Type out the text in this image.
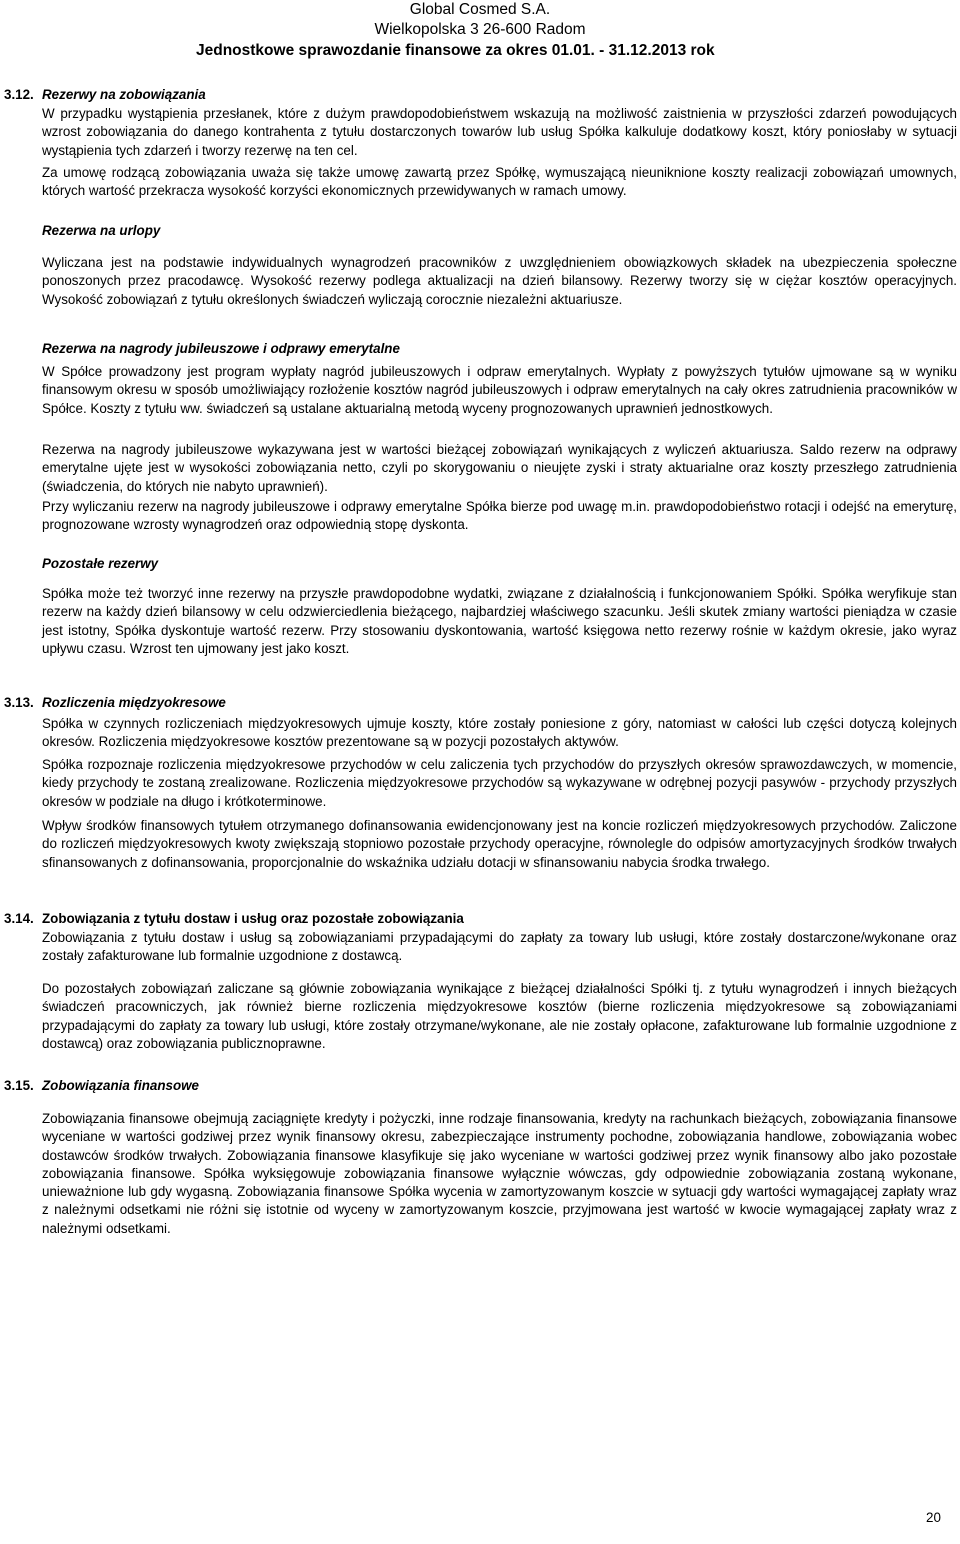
Global Cosmed S.A.
Wielkopolska 3 26-600 Radom
Jednostkowe sprawozdanie finansowe za okres 01.01. - 31.12.2013 rok
3.12. Rezerwy na zobowiązania

W przypadku wystąpienia przesłanek, które z dużym prawdopodobieństwem wskazują na możliwość zaistnienia w przyszłości zdarzeń powodujących wzrost zobowiązania do danego kontrahenta z tytułu dostarczonych towarów lub usług Spółka kalkuluje dodatkowy koszt, który poniosłaby w sytuacji wystąpienia tych zdarzeń i tworzy rezerwę na ten cel.

Za umowę rodzącą zobowiązania uważa się także umowę zawartą przez Spółkę, wymuszającą nieuniknione koszty realizacji zobowiązań umownych, których wartość przekracza wysokość korzyści ekonomicznych przewidywanych w ramach umowy.

Rezerwa na urlopy

Wyliczana jest na podstawie indywidualnych wynagrodzeń pracowników z uwzględnieniem obowiązkowych składek na ubezpieczenia społeczne ponoszonych przez pracodawcę. Wysokość rezerwy podlega aktualizacji na dzień bilansowy. Rezerwy tworzy się w ciężar kosztów operacyjnych. Wysokość zobowiązań z tytułu określonych świadczeń wyliczają corocznie niezależni aktuariusze.

Rezerwa na nagrody jubileuszowe i odprawy emerytalne

W Spółce prowadzony jest program wypłaty nagród jubileuszowych i odpraw emerytalnych. Wypłaty z powyższych tytułów ujmowane są w wyniku finansowym okresu w sposób umożliwiający rozłożenie kosztów nagród jubileuszowych i odpraw emerytalnych na cały okres zatrudnienia pracowników w Spółce. Koszty z tytułu ww. świadczeń są ustalane aktuarialną metodą wyceny prognozowanych uprawnień jednostkowych.

Rezerwa na nagrody jubileuszowe wykazywana jest w wartości bieżącej zobowiązań wynikających z wyliczeń aktuariusza. Saldo rezerw na odprawy emerytalne ujęte jest w wysokości zobowiązania netto, czyli po skorygowaniu o nieujęte zyski i straty aktuarialne oraz koszty przeszłego zatrudnienia (świadczenia, do których nie nabyto uprawnień).

Przy wyliczaniu rezerw na nagrody jubileuszowe i odprawy emerytalne Spółka bierze pod uwagę m.in. prawdopodobieństwo rotacji i odejść na emeryturę, prognozowane wzrosty wynagrodzeń oraz odpowiednią stopę dyskonta.

Pozostałe rezerwy

Spółka może też tworzyć inne rezerwy na przyszłe prawdopodobne wydatki, związane z działalnością i funkcjonowaniem Spółki. Spółka weryfikuje stan rezerw na każdy dzień bilansowy w celu odzwierciedlenia bieżącego, najbardziej właściwego szacunku. Jeśli skutek zmiany wartości pieniądza w czasie jest istotny, Spółka dyskontuje wartość rezerw. Przy stosowaniu dyskontowania, wartość księgowa netto rezerwy rośnie w każdym okresie, jako wyraz upływu czasu. Wzrost ten ujmowany jest jako koszt.

3.13. Rozliczenia międzyokresowe

Spółka w czynnych rozliczeniach międzyokresowych ujmuje koszty, które zostały poniesione z góry, natomiast w całości lub części dotyczą kolejnych okresów. Rozliczenia międzyokresowe kosztów prezentowane są w pozycji pozostałych aktywów.

Spółka rozpoznaje rozliczenia międzyokresowe przychodów w celu zaliczenia tych przychodów do przyszłych okresów sprawozdawczych, w momencie, kiedy przychody te zostaną zrealizowane. Rozliczenia międzyokresowe przychodów są wykazywane w odrębnej pozycji pasywów - przychody przyszłych okresów w podziale na długo i krótkoterminowe.

Wpływ środków finansowych tytułem otrzymanego dofinansowania ewidencjonowany jest na koncie rozliczeń międzyokresowych przychodów. Zaliczone do rozliczeń międzyokresowych kwoty zwiększają stopniowo pozostałe przychody operacyjne, równolegle do odpisów amortyzacyjnych środków trwałych sfinansowanych z dofinansowania, proporcjonalnie do wskaźnika udziału dotacji w sfinansowaniu nabycia środka trwałego.

3.14. Zobowiązania z tytułu dostaw i usług oraz pozostałe zobowiązania

Zobowiązania z tytułu dostaw i usług są zobowiązaniami przypadającymi do zapłaty za towary lub usługi, które zostały dostarczone/wykonane oraz zostały zafakturowane lub formalnie uzgodnione z dostawcą.

Do pozostałych zobowiązań zaliczane są głównie zobowiązania wynikające z bieżącej działalności Spółki tj. z tytułu wynagrodzeń i innych bieżących świadczeń pracowniczych, jak również bierne rozliczenia międzyokresowe kosztów (bierne rozliczenia międzyokresowe są zobowiązaniami przypadającymi do zapłaty za towary lub usługi, które zostały otrzymane/wykonane, ale nie zostały opłacone, zafakturowane lub formalnie uzgodnione z dostawcą) oraz zobowiązania publicznoprawne.

3.15. Zobowiązania finansowe

Zobowiązania finansowe obejmują zaciągnięte kredyty i pożyczki, inne rodzaje finansowania, kredyty na rachunkach bieżących, zobowiązania finansowe wyceniane w wartości godziwej przez wynik finansowy okresu, zabezpieczające instrumenty pochodne, zobowiązania handlowe, zobowiązania wobec dostawców środków trwałych. Zobowiązania finansowe klasyfikuje się jako wyceniane w wartości godziwej przez wynik finansowy albo jako pozostałe zobowiązania finansowe. Spółka wyksięgowuje zobowiązania finansowe wyłącznie wówczas, gdy odpowiednie zobowiązania zostaną wykonane, unieważnione lub gdy wygasną. Zobowiązania finansowe Spółka wycenia w zamortyzowanym koszcie w sytuacji gdy wartości wymagającej zapłaty wraz z należnymi odsetkami nie różni się istotnie od wyceny w zamortyzowanym koszcie, przyjmowana jest wartość w kwocie wymagającej zapłaty wraz z należnymi odsetkami.

20
